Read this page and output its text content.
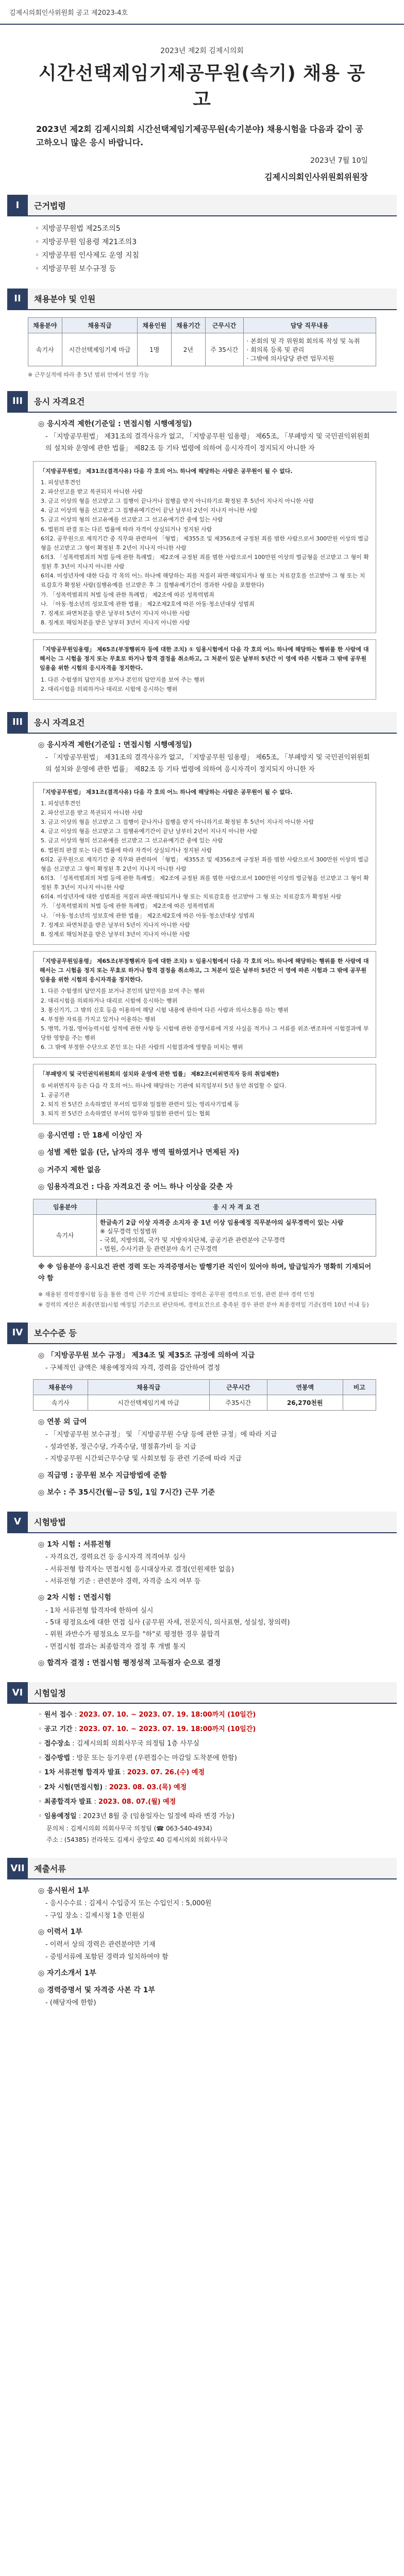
김제시의회인사위원회 공고 제2023-4호
2023년 제2회 김제시의회
시간선택제임기제공무원(속기) 채용 공고
2023년 제2회 김제시의회 시간선택제임기제공무원(속기분야) 채용시험을 다음과 같이 공고하오니 많은 응시 바랍니다.
2023년 7월 10일
김제시의회인사위원회위원장
I	근거법령
◦ 지방공무원법 제25조의5
◦ 지방공무원 임용령 제21조의3
◦ 지방공무원 인사제도 운영 지침
◦ 지방공무원 보수규정 등
II	채용분야 및 인원
채용분야	채용직급	채용인원	채용기간	근무시간	담당 직무내용
속기사	시간선택제임기제 마급	1명	2년	주 35시간	· 본회의 및 각 위원회 회의록 작성 및 녹취
· 회의록 등록 및 관리
· 그밖에 의사담당 관련 업무지원
※ 근무실적에 따라 총 5년 범위 안에서 연장 가능
III	응시 자격요건
◎ 응시자격 제한(기준일 : 면접시험 시행예정일)
- 「지방공무원법」 제31조의 결격사유가 없고, 「지방공무원 임용령」 제65조, 「부패방지 및 국민권익위원회의 설치와 운영에 관한 법률」 제82조 등 기타 법령에 의하여 응시자격이 정지되지 아니한 자
「지방공무원법」 제31조(결격사유) 다음 각 호의 어느 하나에 해당하는 사람은 공무원이 될 수 없다.
1. 피성년후견인
2. 파산선고를 받고 복권되지 아니한 사람
3. 금고 이상의 형을 선고받고 그 집행이 끝나거나 집행을 받지 아니하기로 확정된 후 5년이 지나지 아니한 사람
4. 금고 이상의 형을 선고받고 그 집행유예기간이 끝난 날부터 2년이 지나지 아니한 사람
5. 금고 이상의 형의 선고유예를 선고받고 그 선고유예기간 중에 있는 사람
6. 법원의 판결 또는 다른 법률에 따라 자격이 상실되거나 정지된 사람
6의2. 공무원으로 재직기간 중 직무와 관련하여 「형법」 제355조 및 제356조에 규정된 죄를 범한 사람으로서 300만원 이상의 벌금형을 선고받고 그 형이 확정된 후 2년이 지나지 아니한 사람
6의3. 「성폭력범죄의 처벌 등에 관한 특례법」 제2조에 규정된 죄를 범한 사람으로서 100만원 이상의 벌금형을 선고받고 그 형이 확정된 후 3년이 지나지 아니한 사람
6의4. 미성년자에 대한 다음 각 목의 어느 하나에 해당하는 죄를 저질러 파면·해임되거나 형 또는 치료감호를 선고받아 그 형 또는 치료감호가 확정된 사람(집행유예를 선고받은 후 그 집행유예기간이 경과한 사람을 포함한다)
가. 「성폭력범죄의 처벌 등에 관한 특례법」 제2조에 따른 성폭력범죄
나. 「아동·청소년의 성보호에 관한 법률」 제2조제2호에 따른 아동·청소년대상 성범죄
7. 징계로 파면처분을 받은 날부터 5년이 지나지 아니한 사람
8. 징계로 해임처분을 받은 날부터 3년이 지나지 아니한 사람
「지방공무원임용령」 제65조(부정행위자 등에 대한 조치) ① 임용시험에서 다음 각 호의 어느 하나에 해당하는 행위를 한 사람에 대해서는 그 시험을 정지 또는 무효로 하거나 합격 결정을 취소하고, 그 처분이 있은 날부터 5년간 이 영에 따른 시험과 그 밖에 공무원 임용을 위한 시험의 응시자격을 정지한다.
1. 다른 수험생의 답안지를 보거나 본인의 답안지를 보여 주는 행위
2. 대리시험을 의뢰하거나 대리로 시험에 응시하는 행위
III	응시 자격요건
◎ 응시자격 제한(기준일 : 면접시험 시행예정일)
- 「지방공무원법」 제31조의 결격사유가 없고, 「지방공무원 임용령」 제65조, 「부패방지 및 국민권익위원회의 설치와 운영에 관한 법률」 제82조 등 기타 법령에 의하여 응시자격이 정지되지 아니한 자
「지방공무원법」 제31조(결격사유) 다음 각 호의 어느 하나에 해당하는 사람은 공무원이 될 수 없다.
1. 피성년후견인
2. 파산선고를 받고 복권되지 아니한 사람
3. 금고 이상의 형을 선고받고 그 집행이 끝나거나 집행을 받지 아니하기로 확정된 후 5년이 지나지 아니한 사람
4. 금고 이상의 형을 선고받고 그 집행유예기간이 끝난 날부터 2년이 지나지 아니한 사람
5. 금고 이상의 형의 선고유예를 선고받고 그 선고유예기간 중에 있는 사람
6. 법원의 판결 또는 다른 법률에 따라 자격이 상실되거나 정지된 사람
6의2. 공무원으로 재직기간 중 직무와 관련하여 「형법」 제355조 및 제356조에 규정된 죄를 범한 사람으로서 300만원 이상의 벌금형을 선고받고 그 형이 확정된 후 2년이 지나지 아니한 사람
6의3. 「성폭력범죄의 처벌 등에 관한 특례법」 제2조에 규정된 죄를 범한 사람으로서 100만원 이상의 벌금형을 선고받고 그 형이 확정된 후 3년이 지나지 아니한 사람
6의4. 미성년자에 대한 성범죄를 저질러 파면·해임되거나 형 또는 치료감호를 선고받아 그 형 또는 치료감호가 확정된 사람
가. 「성폭력범죄의 처벌 등에 관한 특례법」 제2조에 따른 성폭력범죄
나. 「아동·청소년의 성보호에 관한 법률」 제2조제2호에 따른 아동·청소년대상 성범죄
7. 징계로 파면처분을 받은 날부터 5년이 지나지 아니한 사람
8. 징계로 해임처분을 받은 날부터 3년이 지나지 아니한 사람
「지방공무원임용령」 제65조(부정행위자 등에 대한 조치) ① 임용시험에서 다음 각 호의 어느 하나에 해당하는 행위를 한 사람에 대해서는 그 시험을 정지 또는 무효로 하거나 합격 결정을 취소하고, 그 처분이 있은 날부터 5년간 이 영에 따른 시험과 그 밖에 공무원 임용을 위한 시험의 응시자격을 정지한다.
1. 다른 수험생의 답안지를 보거나 본인의 답안지를 보여 주는 행위
2. 대리시험을 의뢰하거나 대리로 시험에 응시하는 행위
3. 통신기기, 그 밖의 신호 등을 이용하여 해당 시험 내용에 관하여 다른 사람과 의사소통을 하는 행위
4. 부정한 자료를 가지고 있거나 이용하는 행위
5. 병역, 가점, 영어능력시험 성적에 관한 사항 등 시험에 관한 증명서류에 거짓 사실을 적거나 그 서류를 위조·변조하여 시험결과에 부당한 영향을 주는 행위
6. 그 밖에 부정한 수단으로 본인 또는 다른 사람의 시험결과에 영향을 미치는 행위
「부패방지 및 국민권익위원회의 설치와 운영에 관한 법률」 제82조(비위면직자 등의 취업제한)
① 비위면직자 등은 다음 각 호의 어느 하나에 해당하는 기관에 퇴직일부터 5년 동안 취업할 수 없다.
1. 공공기관
2. 퇴직 전 5년간 소속하였던 부서의 업무와 밀접한 관련이 있는 영리사기업체 등
3. 퇴직 전 5년간 소속하였던 부서의 업무와 밀접한 관련이 있는 협회
◎ 응시연령 : 만 18세 이상인 자
◎ 성별 제한 없음 (단, 남자의 경우 병역 필하였거나 면제된 자)
◎ 거주지 제한 없음
◎ 임용자격요건 : 다음 자격요건 중 어느 하나 이상을 갖춘 자
임용분야	응 시 자 격 요 건
속기사	한글속기 2급 이상 자격증 소지자 중 1년 이상 임용예정 직무분야의 실무경력이 있는 사람
※ 실무경력 인정범위
- 국회, 지방의회, 국가 및 지방자치단체, 공공기관 관련분야 근무경력
- 법원, 수사기관 등 관련분야 속기 근무경력
※ ※ 임용분야 응시요건 관련 경력 또는 자격증명서는 발행기관 직인이 있어야 하며, 발급일자가 명확히 기재되어야 함
※ 채용된 경력경쟁시험 등을 통한 경력 근무 기간에 포함되는 경력은 공무원 경력으로 인정, 관련 분야 경력 인정
※ 경력의 계산은 최종(면접)시험 예정일 기준으로 판단하며, 경력요건으로 충족된 경우 관련 분야 최종경력일 기준(경력 10년 이내 등)
IV	보수수준 등
◎ 「지방공무원 보수 규정」 제34조 및 제35조 규정에 의하여 지급
- 구체적인 금액은 채용예정자의 자격, 경력을 감안하여 결정
채용분야	채용직급	근무시간	연봉액	비고
속기사	시간선택제임기제 마급	주35시간	26,270천원	
◎ 연봉 외 급여
- 「지방공무원 보수규정」 및 「지방공무원 수당 등에 관한 규정」에 따라 지급
- 성과연봉, 정근수당, 가족수당, 명절휴가비 등 지급
- 지방공무원 시간외근무수당 및 사회보험 등 관련 기준에 따라 지급
◎ 직급명 : 공무원 보수 지급방법에 준함
◎ 보수 : 주 35시간(월~금 5일, 1일 7시간) 근무 기준
V	시험방법
◎ 1차 시험 : 서류전형
- 자격요건, 경력요건 등 응시자격 적격여부 심사
- 서류전형 합격자는 면접시험 응시대상자로 결정(인원제한 없음)
- 서류전형 기준 : 관련분야 경력, 자격증 소지 여부 등
◎ 2차 시험 : 면접시험
- 1차 서류전형 합격자에 한하여 실시
- 5대 평정요소에 대한 면접 심사 (공무원 자세, 전문지식, 의사표현, 성실성, 창의력)
- 위원 과반수가 평정요소 모두를 "하"로 평정한 경우 불합격
- 면접시험 결과는 최종합격자 결정 후 개별 통지
◎ 합격자 결정 : 면접시험 평정성적 고득점자 순으로 결정
VI	시험일정
◦ 원서 접수 : 2023. 07. 10. ~ 2023. 07. 19. 18:00까지 (10일간)
◦ 공고 기간 : 2023. 07. 10. ~ 2023. 07. 19. 18:00까지 (10일간)
◦ 접수장소 : 김제시의회 의회사무국 의정팀 1층 사무실
◦ 접수방법 : 방문 또는 등기우편 (우편접수는 마감일 도착분에 한함)
◦ 1차 서류전형 합격자 발표 : 2023. 07. 26.(수) 예정
◦ 2차 시험(면접시험) : 2023. 08. 03.(목) 예정
◦ 최종합격자 발표 : 2023. 08. 07.(월) 예정
◦ 임용예정일 : 2023년 8월 중 (임용일자는 일정에 따라 변경 가능)
문의처 : 김제시의회 의회사무국 의정팀 (☎ 063-540-4934)
주소 : (54385) 전라북도 김제시 중앙로 40 김제시의회 의회사무국
VII	제출서류
◎ 응시원서 1부
- 응시수수료 : 김제시 수입증지 또는 수입인지 : 5,000원
- 구입 장소 : 김제시청 1층 민원실
◎ 이력서 1부
- 이력서 상의 경력은 관련분야만 기재
- 증빙서류에 포함된 경력과 일치하여야 함
◎ 자기소개서 1부
◎ 경력증명서 및 자격증 사본 각 1부
- (해당자에 한함)
